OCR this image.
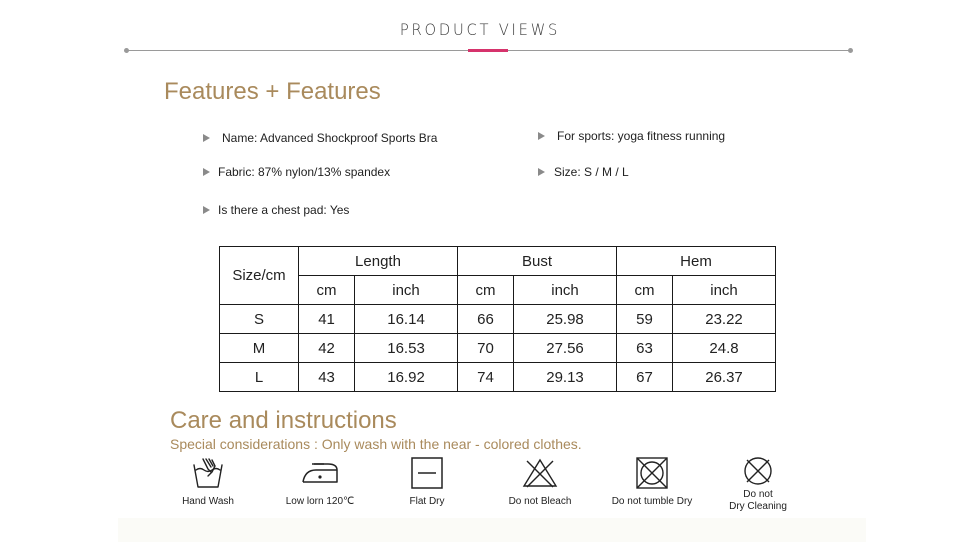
PRODUCT VIEWS
Features + Features
Name: Advanced Shockproof Sports Bra	For sports: yoga fitness running
Fabric: 87% nylon/13% spandex	Size: S / M / L
Is there a chest pad: Yes
Size/cm	Length		Bust		Hem	
	cm	inch	cm	inch	cm	inch
S	41	16.14	66	25.98	59	23.22
M	42	16.53	70	27.56	63	24.8
L	43	16.92	74	29.13	67	26.37
Care and instructions
Special considerations : Only wash with the near - colored clothes.
Hand Wash	Low lorn 120℃	Flat Dry	Do not Bleach	Do not tumble Dry
Do not
Dry Cleaning
